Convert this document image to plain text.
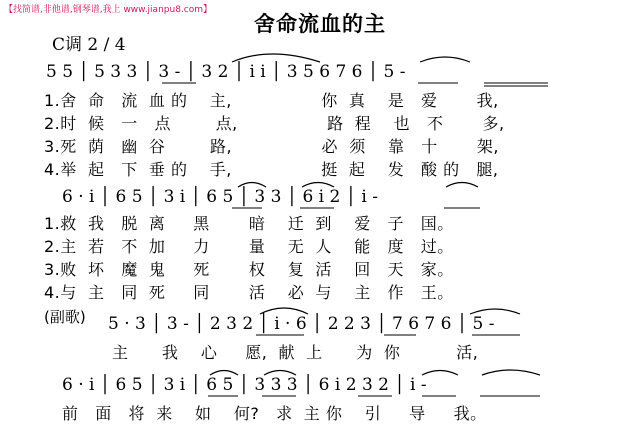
【找简谱,非他谱,钢琴谱,我上 www.jianpu8.com】
舍命流血的主
C调 2 / 4
5 5 │ 5 3 3 │ 3 - │ 3 2 │ i i │ 3 5 6 7 6 │ 5 -
1.舍  命   流  血 的    主,                你  真    是   爱       我,
2.时  候   一   点        点,                路  程    也   不       多,
3.死  荫   幽  谷        路,                必  须    靠   十       架,
4.举  起   下  垂 的    手,                挺  起    发   酸 的   腿,
6 · i │ 6 5 │ 3 i │ 6 5 │ 3 3 │ 6 i 2 │ i -
1.救  我   脱  离     黑       暗    迁  到    爱   子   国。
2.主  若   不  加     力       量    无  人    能   度   过。
3.败  坏   魔  鬼     死       权    复  活    回   天   家。
4.与  主   同  死     同       活    必  与    主   作   王。
(副歌) 5 · 3 │ 3 - │ 2 3 2 │ i · 6 │ 2 2 3 │ 7 6 7 6 │ 5 -
主      我    心     愿,  献  上      为  你          活,
6 · i │ 6 5 │ 3 i │ 6 5 │ 3 3 3 │ 6 i 2 3 2 │ i -
前   面   将  来    如    何?   求  主 你    引     导     我。
